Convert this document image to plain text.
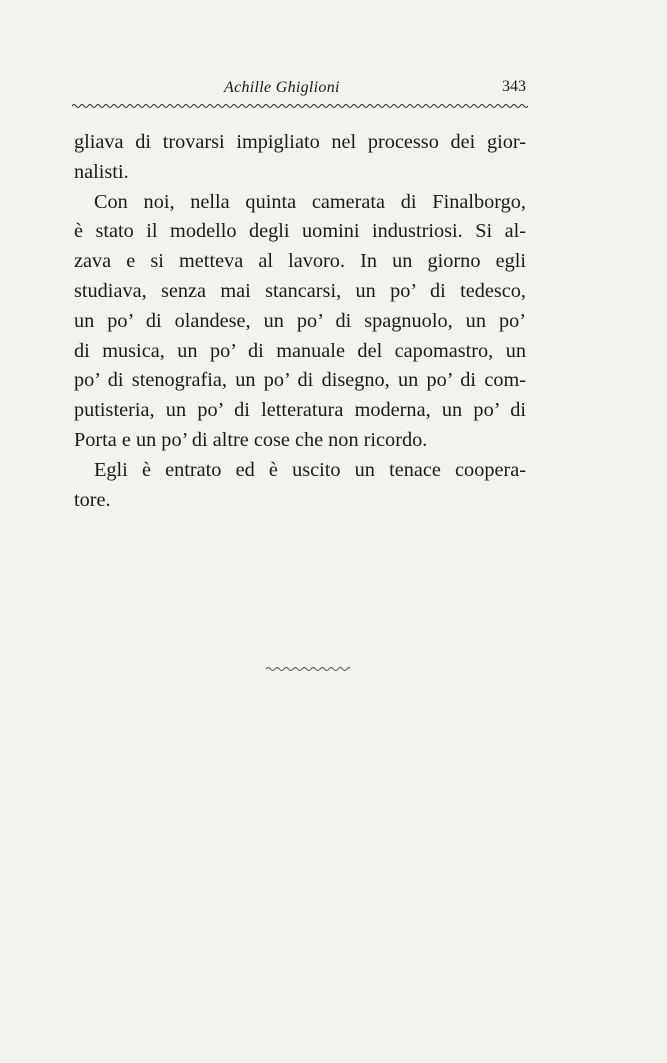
Achille Ghiglioni	343

gliava di trovarsi impigliato nel processo dei gior-
nalisti.

Con noi, nella quinta camerata di Finalborgo,
è stato il modello degli uomini industriosi. Si al-
zava e si metteva al lavoro. In un giorno egli
studiava, senza mai stancarsi, un po’ di tedesco,
un po’ di olandese, un po’ di spagnuolo, un po’
di musica, un po’ di manuale del capomastro, un
po’ di stenografia, un po’ di disegno, un po’ di com-
putisteria, un po’ di letteratura moderna, un po’ di
Porta e un po’ di altre cose che non ricordo.

Egli è entrato ed è uscito un tenace coopera-
tore.
